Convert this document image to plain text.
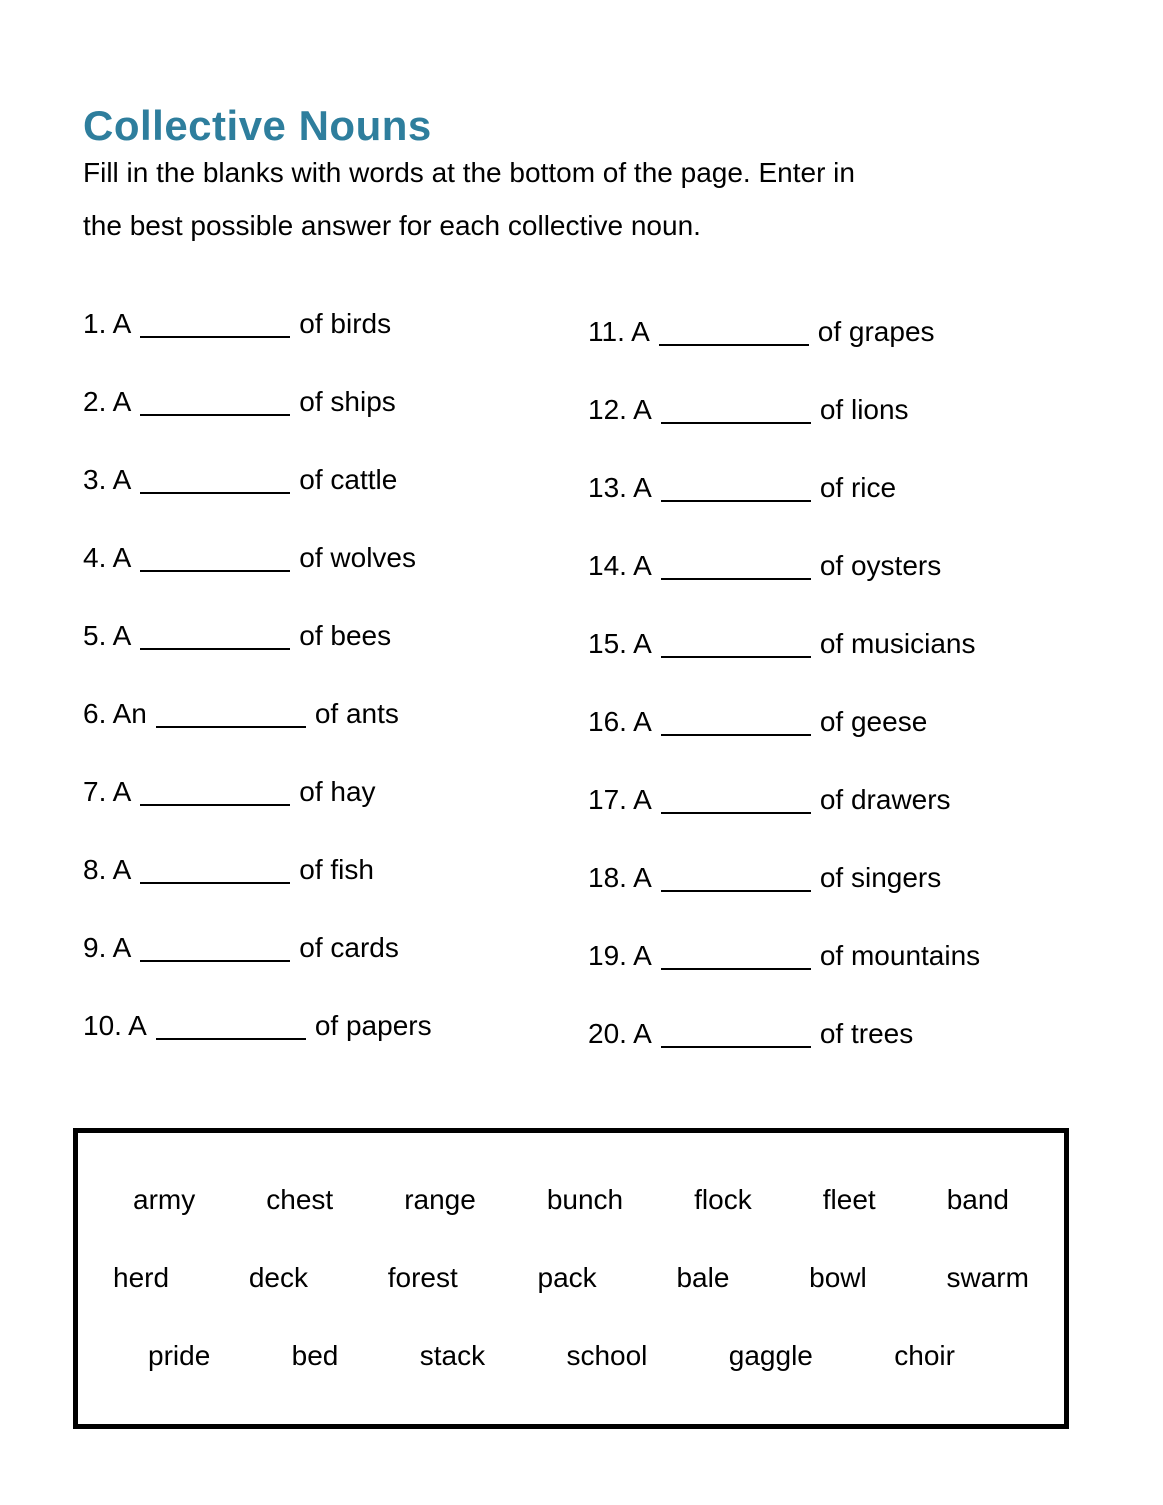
Collective Nouns
Fill in the blanks with words at the bottom of the page. Enter in
the best possible answer for each collective noun.
1. A	of birds
2. A	of ships
3. A	of cattle
4. A	of wolves
5. A	of bees
6. An	of ants
7. A	of hay
8. A	of fish
9. A	of cards
10. A	of papers
11. A	of grapes
12. A	of lions
13. A	of rice
14. A	of oysters
15. A	of musicians
16. A	of geese
17. A	of drawers
18. A	of singers
19. A	of mountains
20. A	of trees
army	chest	range	bunch	flock	fleet	band
herd	deck	forest	pack	bale	bowl	swarm
pride	bed	stack	school	gaggle	choir
